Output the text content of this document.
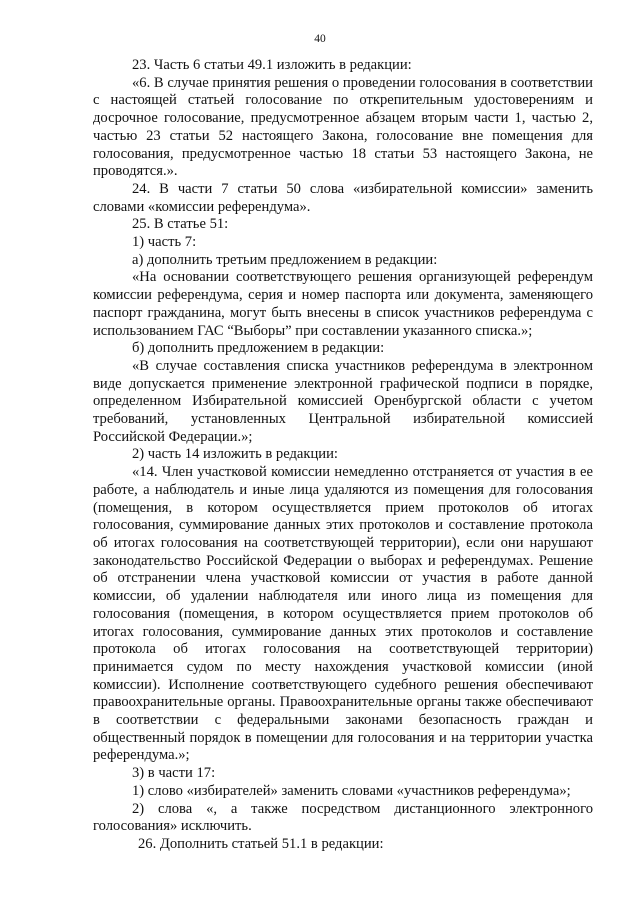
40

23. Часть 6 статьи 49.1 изложить в редакции:

«6. В случае принятия решения о проведении голосования в соответствии с настоящей статьей голосование по открепительным удостоверениям и досрочное голосование, предусмотренное абзацем вторым части 1, частью 2, частью 23 статьи 52 настоящего Закона, голосование вне помещения для голосования, предусмотренное частью 18 статьи 53 настоящего Закона, не проводятся.».

24. В части 7 статьи 50 слова «избирательной комиссии» заменить словами «комиссии референдума».

25. В статье 51:

1) часть 7:

а) дополнить третьим предложением в редакции:

«На основании соответствующего решения организующей референдум комиссии референдума, серия и номер паспорта или документа, заменяющего паспорт гражданина, могут быть внесены в список участников референдума с использованием ГАС “Выборы” при составлении указанного списка.»;

б) дополнить предложением в редакции:

«В случае составления списка участников референдума в электронном виде допускается применение электронной графической подписи в порядке, определенном Избирательной комиссией Оренбургской области с учетом требований, установленных Центральной избирательной комиссией Российской Федерации.»;

2) часть 14 изложить в редакции:

«14. Член участковой комиссии немедленно отстраняется от участия в ее работе, а наблюдатель и иные лица удаляются из помещения для голосования (помещения, в котором осуществляется прием протоколов об итогах голосования, суммирование данных этих протоколов и составление протокола об итогах голосования на соответствующей территории), если они нарушают законодательство Российской Федерации о выборах и референдумах. Решение об отстранении члена участковой комиссии от участия в работе данной комиссии, об удалении наблюдателя или иного лица из помещения для голосования (помещения, в котором осуществляется прием протоколов об итогах голосования, суммирование данных этих протоколов и составление протокола об итогах голосования на соответствующей территории) принимается судом по месту нахождения участковой комиссии (иной комиссии). Исполнение соответствующего судебного решения обеспечивают правоохранительные органы. Правоохранительные органы также обеспечивают в соответствии с федеральными законами безопасность граждан и общественный порядок в помещении для голосования и на территории участка референдума.»;

3) в части 17:

1) слово «избирателей» заменить словами «участников референдума»;

2) слова «, а также посредством дистанционного электронного голосования» исключить.

26. Дополнить статьей 51.1 в редакции:
